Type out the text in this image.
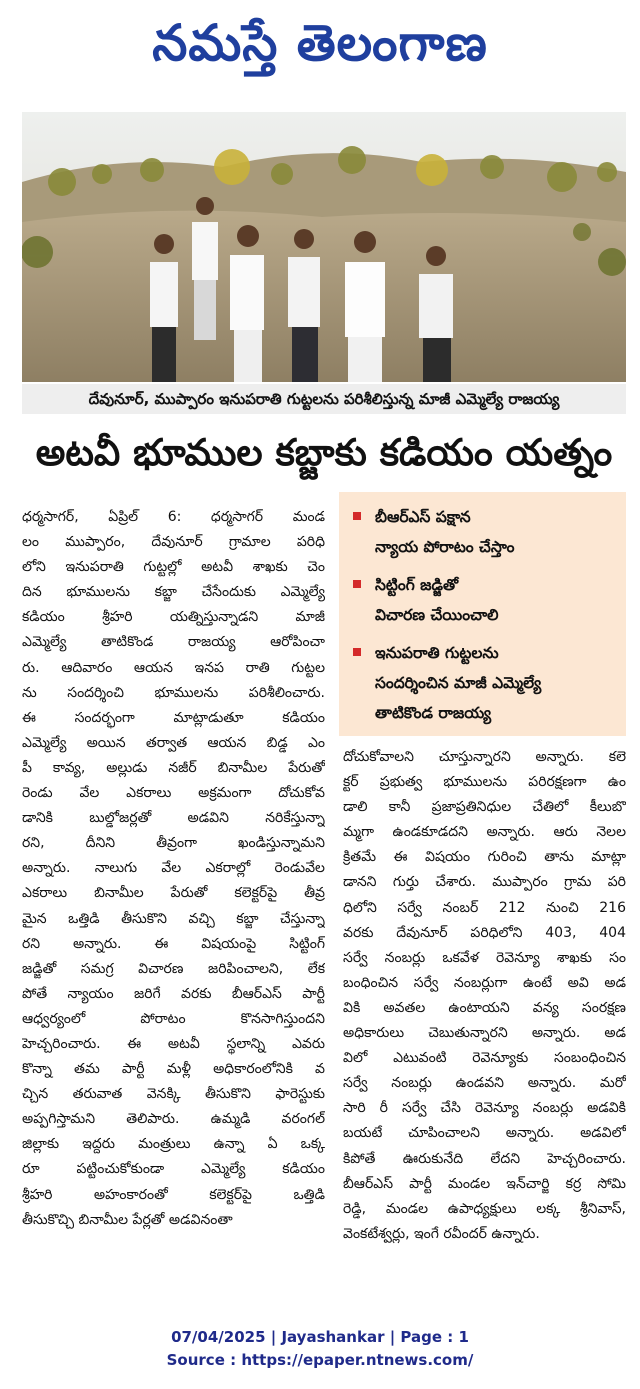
నమస్తే తెలంగాణ
దేవునూర్, ముప్పారం ఇనుపరాతి గుట్టలను పరిశీలిస్తున్న మాజీ ఎమ్మెల్యే రాజయ్య
అటవీ భూముల కబ్జాకు కడియం యత్నం
బీఆర్ఎస్ పక్షాన
న్యాయ పోరాటం చేస్తాం
సిట్టింగ్ జడ్జితో
విచారణ చేయించాలి
ఇనుపరాతి గుట్టలను
సందర్శించిన మాజీ ఎమ్మెల్యే
తాటికొండ రాజయ్య
ధర్మసాగర్, ఏప్రిల్ 6: ధర్మసాగర్ మండ
లం ముప్పారం, దేవునూర్ గ్రామాల పరిధి
లోని ఇనుపరాతి గుట్టల్లో అటవీ శాఖకు చెం
దిన భూములను కబ్జా చేసేందుకు ఎమ్మెల్యే
కడియం శ్రీహరి యత్నిస్తున్నాడని మాజీ
ఎమ్మెల్యే తాటికొండ రాజయ్య ఆరోపించా
రు. ఆదివారం ఆయన ఇనప రాతి గుట్టల
ను సందర్శించి భూములను పరిశీలించారు.
ఈ సందర్భంగా మాట్లాడుతూ కడియం
ఎమ్మెల్యే అయిన తర్వాత ఆయన బిడ్డ ఎం
పీ కావ్య, అల్లుడు నజీర్ బినామీల పేరుతో
రెండు వేల ఎకరాలు అక్రమంగా దోచుకోవ
డానికి బుల్డోజర్లతో అడవిని నరికేస్తున్నా
రని, దీనిని తీవ్రంగా ఖండిస్తున్నామని
అన్నారు. నాలుగు వేల ఎకరాల్లో రెండువేల
ఎకరాలు బినామీల పేరుతో కలెక్టర్‌పై తీవ్ర
మైన ఒత్తిడి తీసుకొని వచ్చి కబ్జా చేస్తున్నా
రని అన్నారు. ఈ విషయంపై సిట్టింగ్
జడ్జితో సమగ్ర విచారణ జరిపించాలని, లేక
పోతే న్యాయం జరిగే వరకు బీఆర్ఎస్ పార్టీ
ఆధ్వర్యంలో పోరాటం కొనసాగిస్తుందని
హెచ్చరించారు. ఈ అటవీ స్థలాన్ని ఎవరు
కొన్నా తమ పార్టీ మళ్లీ అధికారంలోనికి వ
చ్చిన తరువాత వెనక్కి తీసుకొని ఫారెస్టుకు
అప్పగిస్తామని తెలిపారు. ఉమ్మడి వరంగల్
జిల్లాకు ఇద్దరు మంత్రులు ఉన్నా ఏ ఒక్క
రూ పట్టించుకోకుండా ఎమ్మెల్యే కడియం
శ్రీహరి అహంకారంతో కలెక్టర్‌పై ఒత్తిడి
తీసుకొచ్చి బినామీల పేర్లతో అడవినంతా
దోచుకోవాలని చూస్తున్నారని అన్నారు. కలె
క్టర్ ప్రభుత్వ భూములను పరిరక్షణగా ఉం
డాలి కానీ ప్రజాప్రతినిధుల చేతిలో కీలుబొ
మ్మగా ఉండకూడదని అన్నారు. ఆరు నెలల
క్రితమే ఈ విషయం గురించి తాను మాట్లా
డానని గుర్తు చేశారు. ముప్పారం గ్రామ పరి
ధిలోని సర్వే నంబర్ 212 నుంచి 216
వరకు దేవునూర్ పరిధిలోని 403, 404
సర్వే నంబర్లు ఒకవేళ రెవెన్యూ శాఖకు సం
బంధించిన సర్వే నంబర్లుగా ఉంటే అవి అడ
వికి అవతల ఉంటాయని వన్య సంరక్షణ
అధికారులు చెబుతున్నారని అన్నారు. అడ
విలో ఎటువంటి రెవెన్యూకు సంబంధించిన
సర్వే నంబర్లు ఉండవని అన్నారు. మరో
సారి రీ సర్వే చేసి రెవెన్యూ నంబర్లు అడవికి
బయటే చూపించాలని అన్నారు. అడవిలో
కిపోతే ఊరుకునేది లేదని హెచ్చరించారు.
బీఆర్ఎస్ పార్టీ మండల ఇన్‌చార్జి కర్ర సోమి
రెడ్డి, మండల ఉపాధ్యక్షులు లక్క శ్రీనివాస్,
వెంకటేశ్వర్లు, ఇంగే రవీందర్ ఉన్నారు.
07/04/2025 | Jayashankar | Page : 1
Source : https://epaper.ntnews.com/
